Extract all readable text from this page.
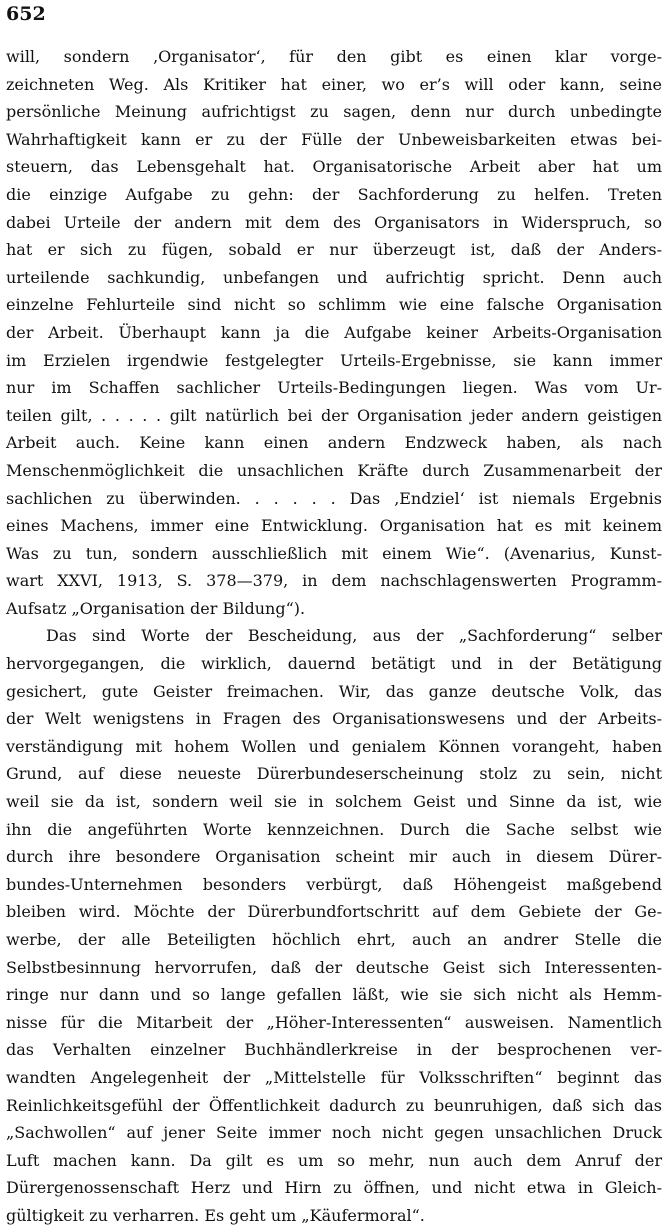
652
will, sondern ‚Organisator‘, für den gibt es einen klar vorge-
zeichneten Weg. Als Kritiker hat einer, wo er’s will oder kann, seine
persönliche Meinung aufrichtigst zu sagen, denn nur durch unbedingte
Wahrhaftigkeit kann er zu der Fülle der Unbeweisbarkeiten etwas bei-
steuern, das Lebensgehalt hat. Organisatorische Arbeit aber hat um
die einzige Aufgabe zu gehn: der Sachforderung zu helfen. Treten
dabei Urteile der andern mit dem des Organisators in Widerspruch, so
hat er sich zu fügen, sobald er nur überzeugt ist, daß der Anders-
urteilende sachkundig, unbefangen und aufrichtig spricht. Denn auch
einzelne Fehlurteile sind nicht so schlimm wie eine falsche Organisation
der Arbeit. Überhaupt kann ja die Aufgabe keiner Arbeits-Organisation
im Erzielen irgendwie festgelegter Urteils-Ergebnisse, sie kann immer
nur im Schaffen sachlicher Urteils-Bedingungen liegen. Was vom Ur-
teilen gilt, . . . . . gilt natürlich bei der Organisation jeder andern geistigen
Arbeit auch. Keine kann einen andern Endzweck haben, als nach
Menschenmöglichkeit die unsachlichen Kräfte durch Zusammenarbeit der
sachlichen zu überwinden. . . . . . Das ‚Endziel‘ ist niemals Ergebnis
eines Machens, immer eine Entwicklung. Organisation hat es mit keinem
Was zu tun, sondern ausschließlich mit einem Wie“. (Avenarius, Kunst-
wart XXVI, 1913, S. 378—379, in dem nachschlagenswerten Programm-
Aufsatz „Organisation der Bildung“).
Das sind Worte der Bescheidung, aus der „Sachforderung“ selber
hervorgegangen, die wirklich, dauernd betätigt und in der Betätigung
gesichert, gute Geister freimachen. Wir, das ganze deutsche Volk, das
der Welt wenigstens in Fragen des Organisationswesens und der Arbeits-
verständigung mit hohem Wollen und genialem Können vorangeht, haben
Grund, auf diese neueste Dürerbundeserscheinung stolz zu sein, nicht
weil sie da ist, sondern weil sie in solchem Geist und Sinne da ist, wie
ihn die angeführten Worte kennzeichnen. Durch die Sache selbst wie
durch ihre besondere Organisation scheint mir auch in diesem Dürer-
bundes-Unternehmen besonders verbürgt, daß Höhengeist maßgebend
bleiben wird. Möchte der Dürerbundfortschritt auf dem Gebiete der Ge-
werbe, der alle Beteiligten höchlich ehrt, auch an andrer Stelle die
Selbstbesinnung hervorrufen, daß der deutsche Geist sich Interessenten-
ringe nur dann und so lange gefallen läßt, wie sie sich nicht als Hemm-
nisse für die Mitarbeit der „Höher-Interessenten“ ausweisen. Namentlich
das Verhalten einzelner Buchhändlerkreise in der besprochenen ver-
wandten Angelegenheit der „Mittelstelle für Volksschriften“ beginnt das
Reinlichkeitsgefühl der Öffentlichkeit dadurch zu beunruhigen, daß sich das
„Sachwollen“ auf jener Seite immer noch nicht gegen unsachlichen Druck
Luft machen kann. Da gilt es um so mehr, nun auch dem Anruf der
Dürergenossenschaft Herz und Hirn zu öffnen, und nicht etwa in Gleich-
gültigkeit zu verharren. Es geht um „Käufermoral“.
